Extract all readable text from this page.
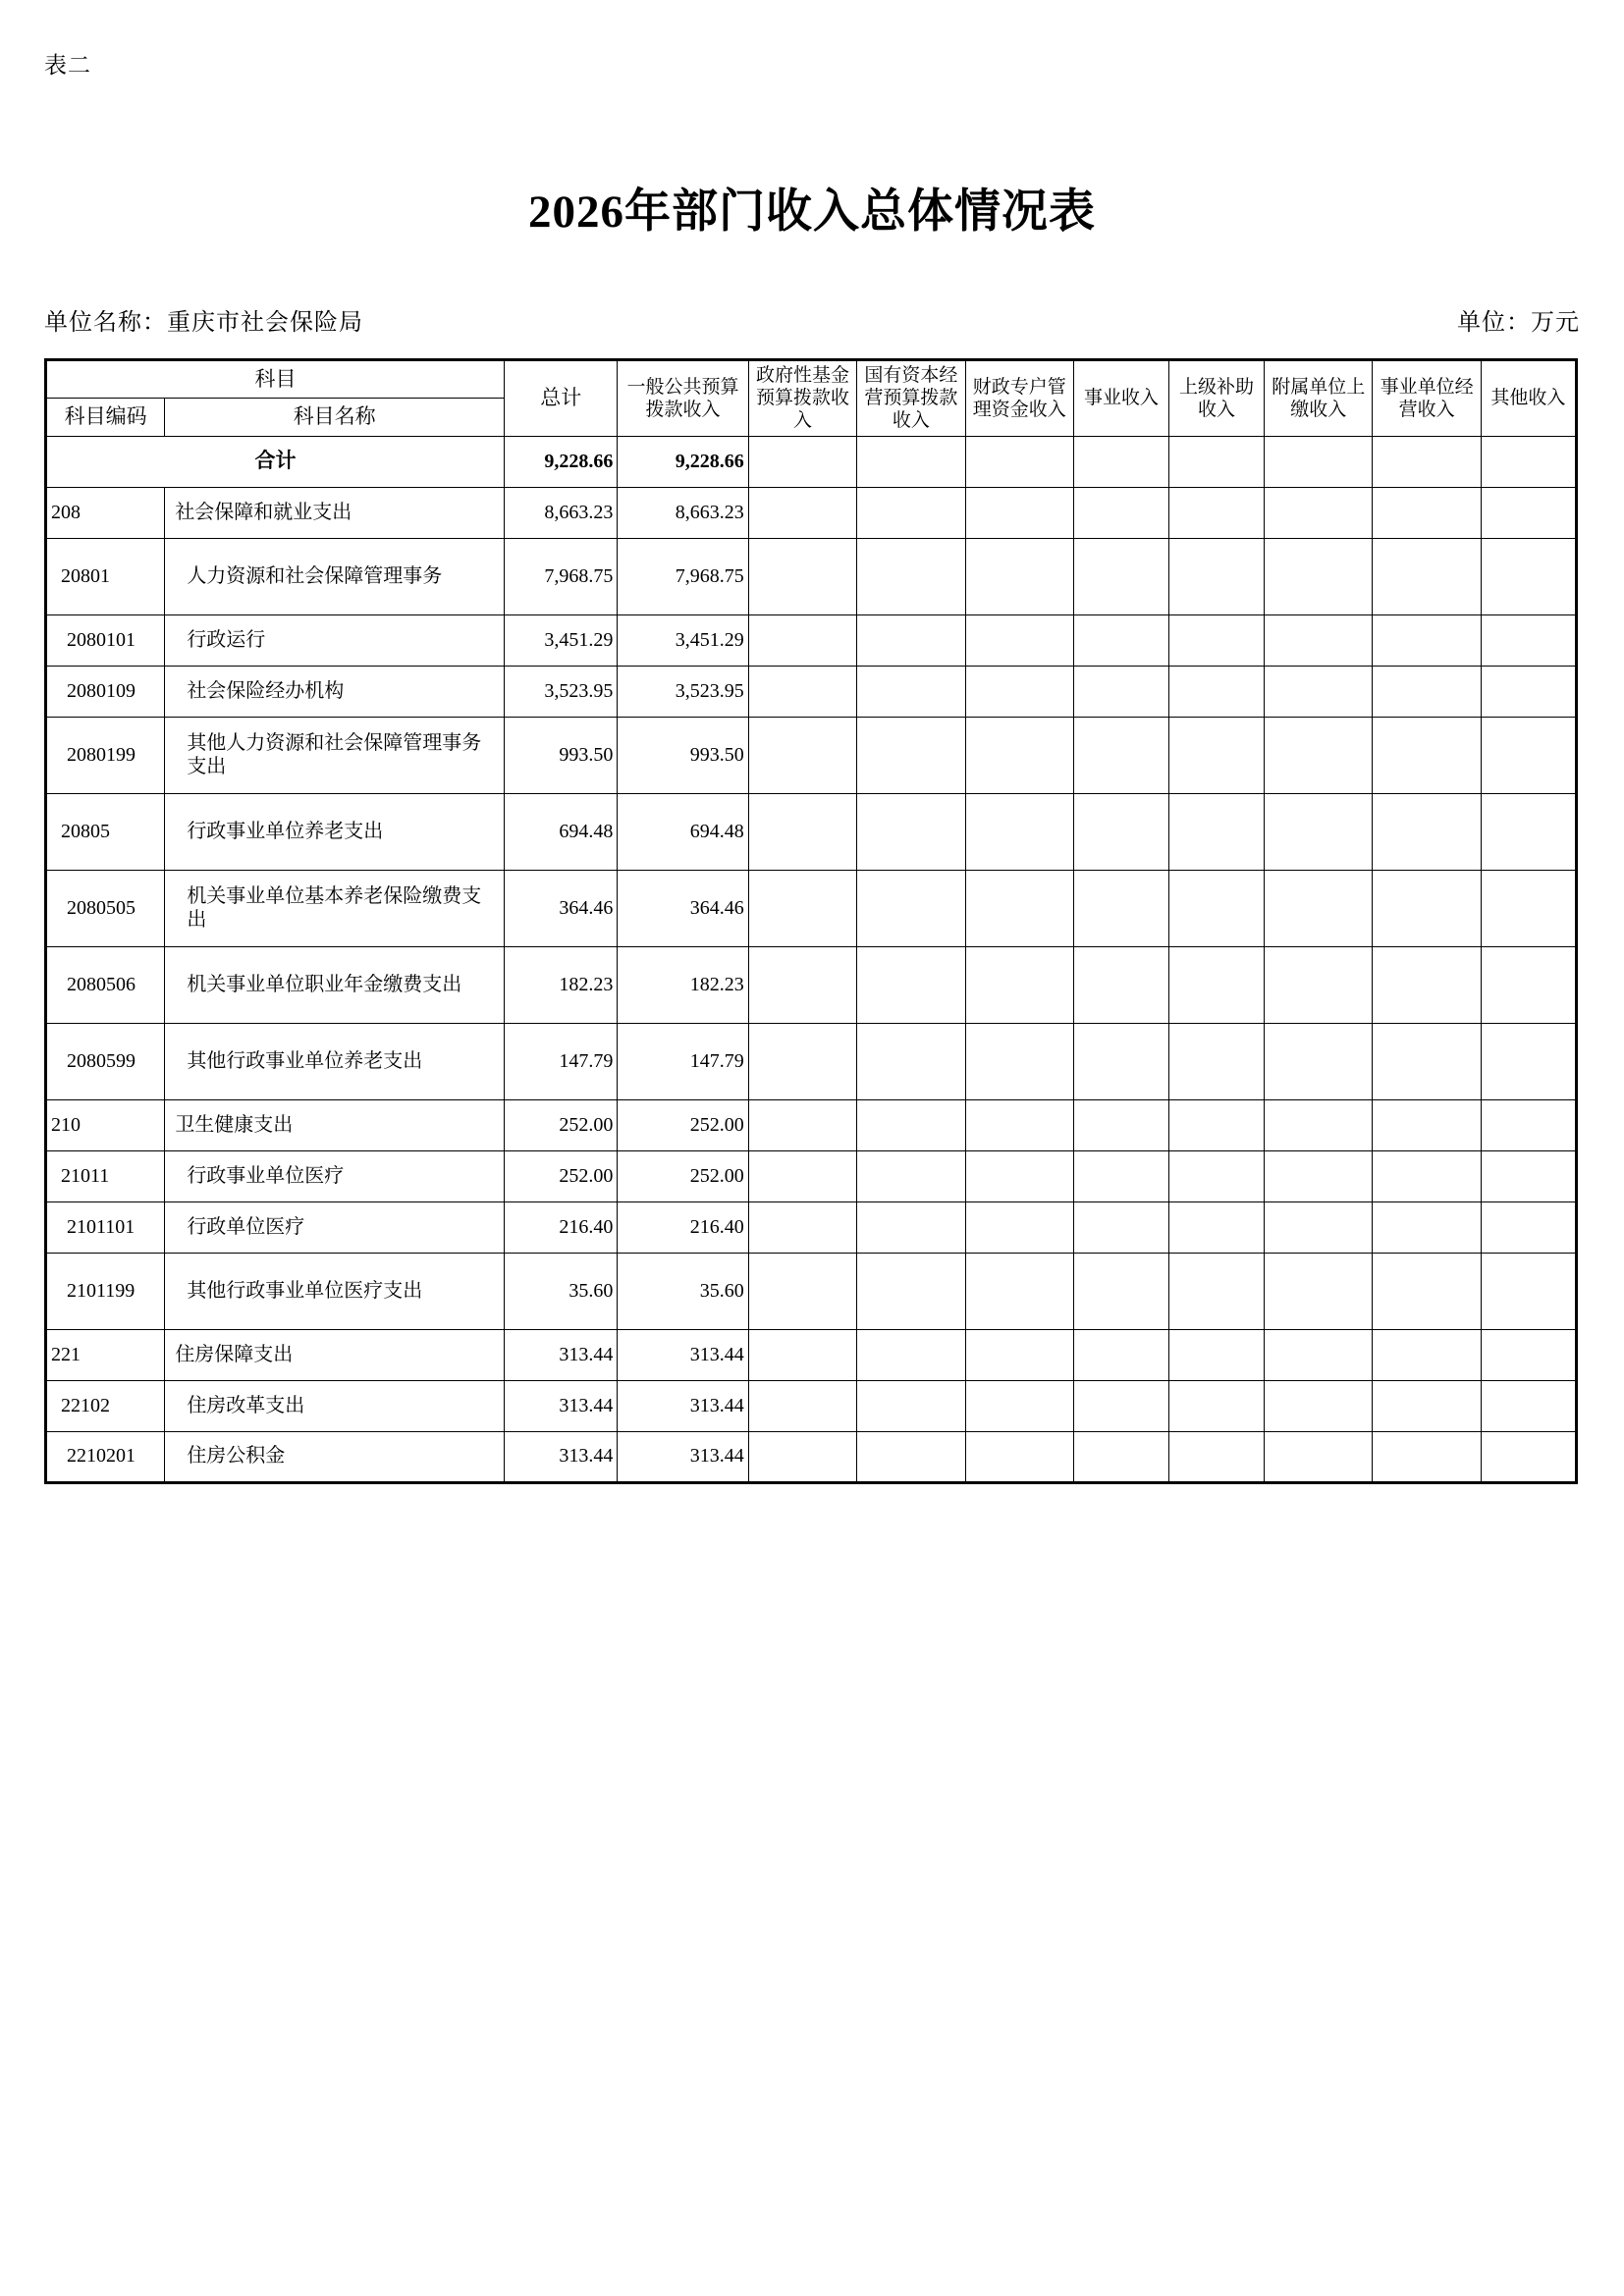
表二
2026年部门收入总体情况表
单位名称：重庆市社会保险局	单位：万元
科目		总计	一般公共预算拨款收入	政府性基金预算拨款收入	国有资本经营预算拨款收入	财政专户管理资金收入	事业收入	上级补助收入	附属单位上缴收入	事业单位经营收入	其他收入
科目编码	科目名称										
合计		9,228.66	9,228.66								
208	社会保障和就业支出	8,663.23	8,663.23								
20801	人力资源和社会保障管理事务	7,968.75	7,968.75								
2080101	行政运行	3,451.29	3,451.29								
2080109	社会保险经办机构	3,523.95	3,523.95								
2080199	其他人力资源和社会保障管理事务支出	993.50	993.50								
20805	行政事业单位养老支出	694.48	694.48								
2080505	机关事业单位基本养老保险缴费支出	364.46	364.46								
2080506	机关事业单位职业年金缴费支出	182.23	182.23								
2080599	其他行政事业单位养老支出	147.79	147.79								
210	卫生健康支出	252.00	252.00								
21011	行政事业单位医疗	252.00	252.00								
2101101	行政单位医疗	216.40	216.40								
2101199	其他行政事业单位医疗支出	35.60	35.60								
221	住房保障支出	313.44	313.44								
22102	住房改革支出	313.44	313.44								
2210201	住房公积金	313.44	313.44								
